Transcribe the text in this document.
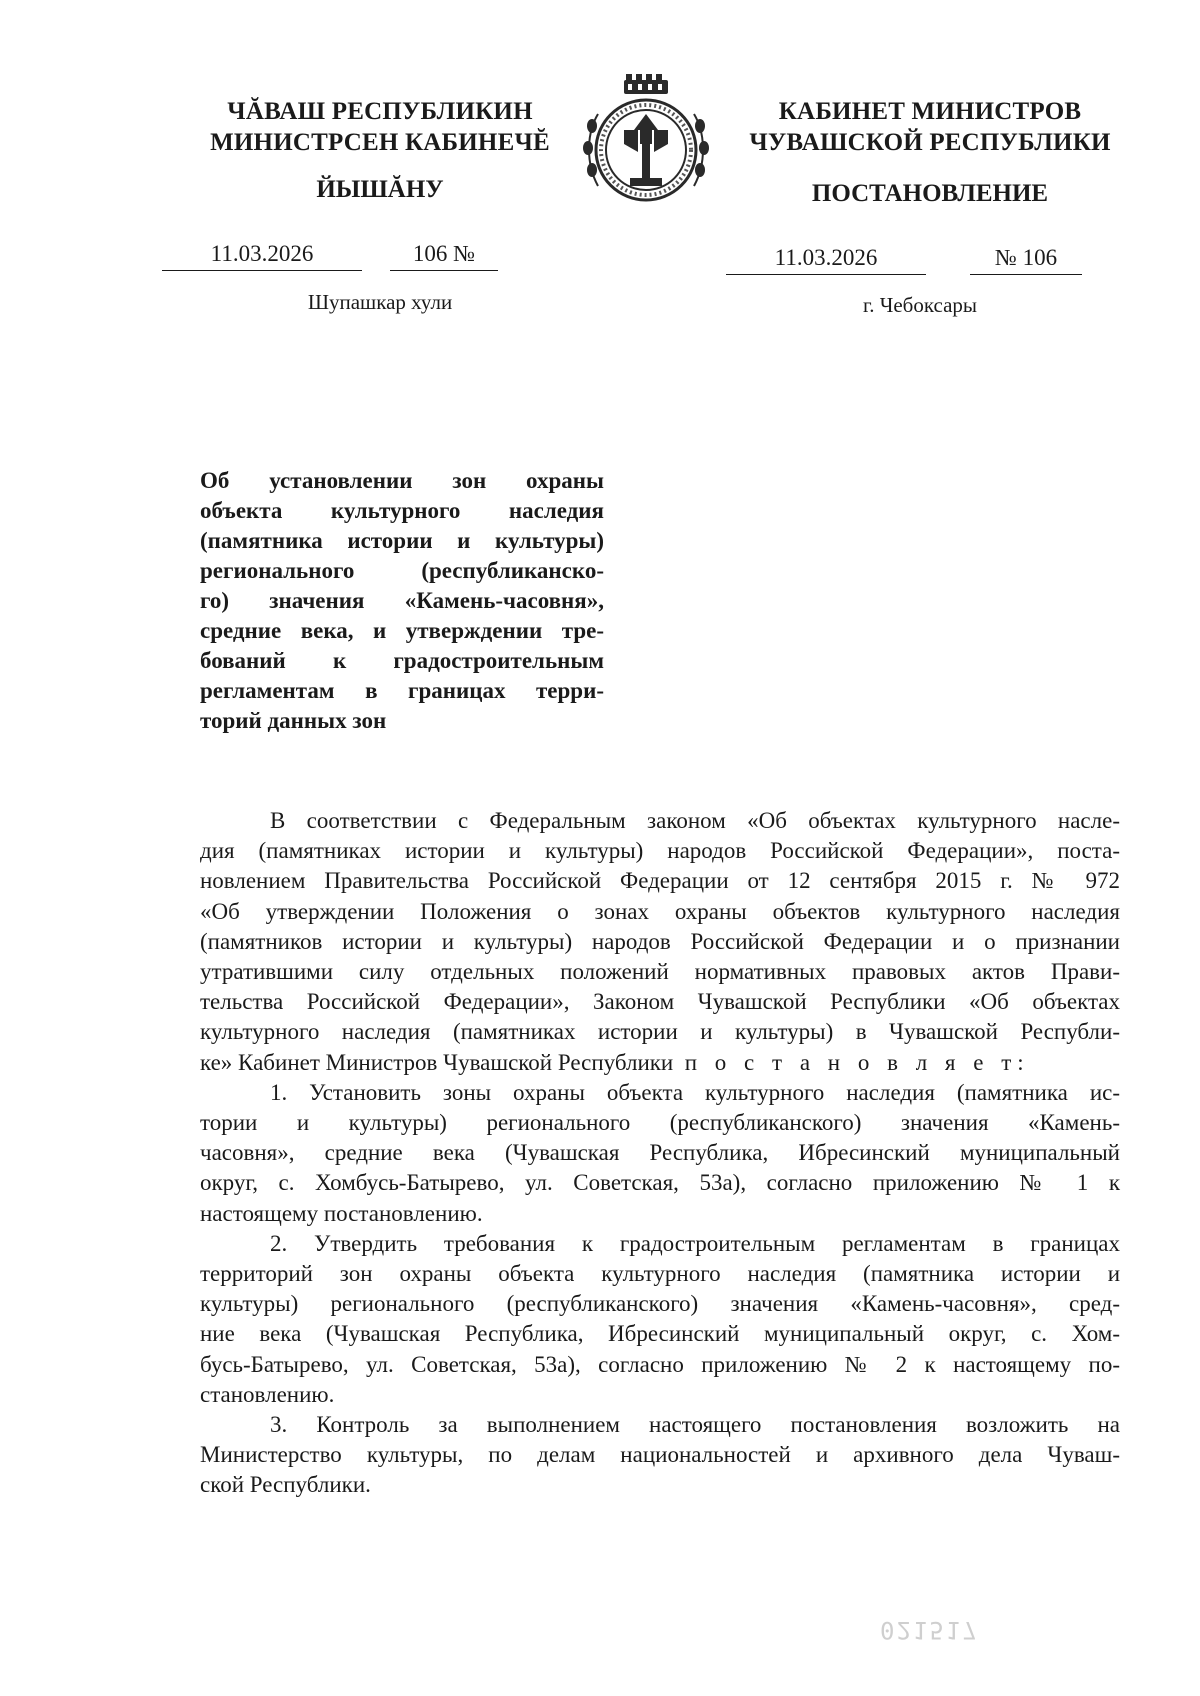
ЧĂВАШ РЕСПУБЛИКИН
МИНИСТРСЕН КАБИНЕЧĔ
ЙЫШĂНУ
КАБИНЕТ МИНИСТРОВ
ЧУВАШСКОЙ РЕСПУБЛИКИ
ПОСТАНОВЛЕНИЕ
11.03.2026	106 №	11.03.2026	№ 106
Шупашкар хули	г. Чебоксары
Об установлении зон охраны
объекта культурного наследия
(памятника истории и культуры)
регионального (республиканско-
го) значения «Камень-часовня»,
средние века, и утверждении тре-
бований к градостроительным
регламентам в границах терри-
торий данных зон
В соответствии с Федеральным законом «Об объектах культурного насле-
дия (памятниках истории и культуры) народов Российской Федерации», поста-
новлением Правительства Российской Федерации от 12 сентября 2015 г. № 972
«Об утверждении Положения о зонах охраны объектов культурного наследия
(памятников истории и культуры) народов Российской Федерации и о признании
утратившими силу отдельных положений нормативных правовых актов Прави-
тельства Российской Федерации», Законом Чувашской Республики «Об объектах
культурного наследия (памятниках истории и культуры) в Чувашской Республи-
ке» Кабинет Министров Чувашской Республики п о с т а н о в л я е т:
1. Установить зоны охраны объекта культурного наследия (памятника ис-
тории и культуры) регионального (республиканского) значения «Камень-
часовня», средние века (Чувашская Республика, Ибресинский муниципальный
округ, с. Хомбусь-Батырево, ул. Советская, 53а), согласно приложению № 1 к
настоящему постановлению.
2. Утвердить требования к градостроительным регламентам в границах
территорий зон охраны объекта культурного наследия (памятника истории и
культуры) регионального (республиканского) значения «Камень-часовня», сред-
ние века (Чувашская Республика, Ибресинский муниципальный округ, с. Хом-
бусь-Батырево, ул. Советская, 53а), согласно приложению № 2 к настоящему по-
становлению.
3. Контроль за выполнением настоящего постановления возложить на
Министерство культуры, по делам национальностей и архивного дела Чуваш-
ской Республики.
021517
